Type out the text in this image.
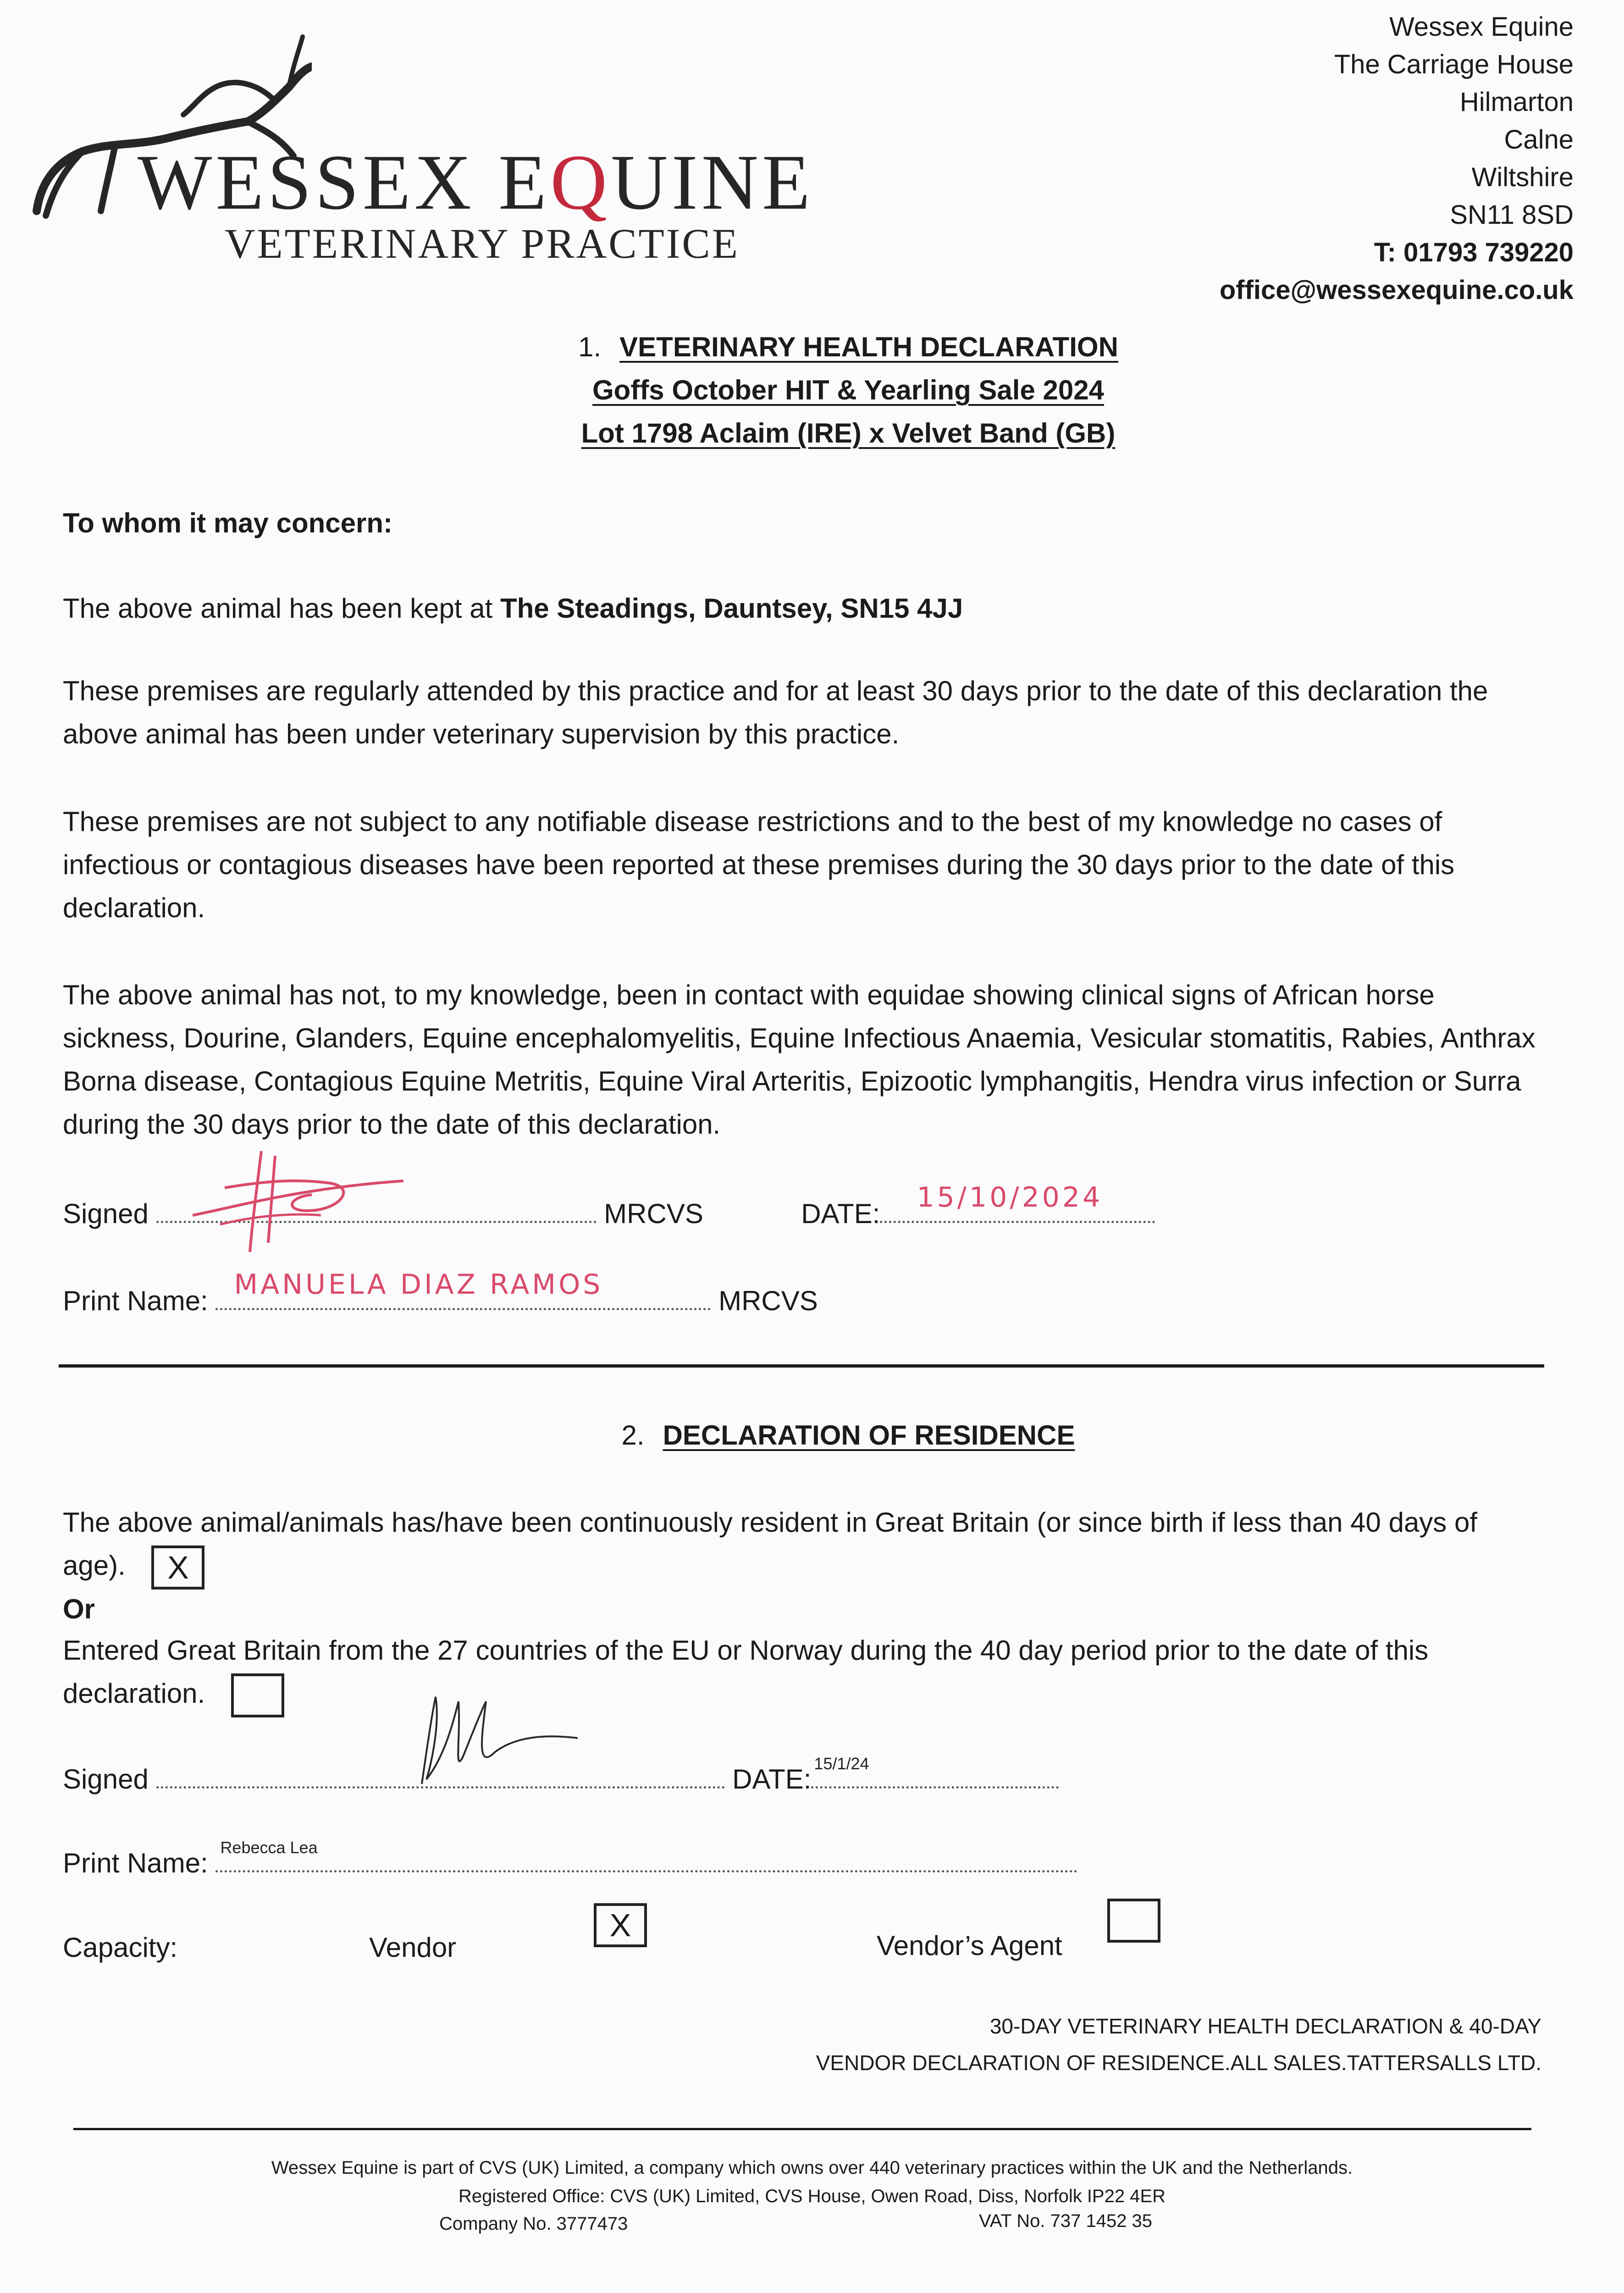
WESSEX EQUINE
VETERINARY PRACTICE
Wessex Equine
The Carriage House
Hilmarton
Calne
Wiltshire
SN11 8SD
T: 01793 739220
office@wessexequine.co.uk
1. VETERINARY HEALTH DECLARATION
Goffs October HIT & Yearling Sale 2024
Lot 1798 Aclaim (IRE) x Velvet Band (GB)
To whom it may concern:
The above animal has been kept at The Steadings, Dauntsey, SN15 4JJ
These premises are regularly attended by this practice and for at least 30 days prior to the date of this declaration the above animal has been under veterinary supervision by this practice.
These premises are not subject to any notifiable disease restrictions and to the best of my knowledge no cases of infectious or contagious diseases have been reported at these premises during the 30 days prior to the date of this declaration.
The above animal has not, to my knowledge, been in contact with equidae showing clinical signs of African horse sickness, Dourine, Glanders, Equine encephalomyelitis, Equine Infectious Anaemia, Vesicular stomatitis, Rabies, Anthrax Borna disease, Contagious Equine Metritis, Equine Viral Arteritis, Epizootic lymphangitis, Hendra virus infection or Surra during the 30 days prior to the date of this declaration.
Signed	MRCVS	DATE:
15/10/2024
Print Name:
MANUELA DIAZ RAMOS
MRCVS
2. DECLARATION OF RESIDENCE
The above animal/animals has/have been continuously resident in Great Britain (or since birth if less than 40 days of age). X
Or
Entered Great Britain from the 27 countries of the EU or Norway during the 40 day period prior to the date of this declaration.
Signed	DATE:
15/1/24
Print Name:
Rebecca Lea
Capacity:	Vendor
X
Vendor’s Agent
30-DAY VETERINARY HEALTH DECLARATION & 40-DAY
VENDOR DECLARATION OF RESIDENCE.ALL SALES.TATTERSALLS LTD.
Wessex Equine is part of CVS (UK) Limited, a company which owns over 440 veterinary practices within the UK and the Netherlands.
Registered Office: CVS (UK) Limited, CVS House, Owen Road, Diss, Norfolk IP22 4ER
Company No. 3777473	VAT No. 737 1452 35
